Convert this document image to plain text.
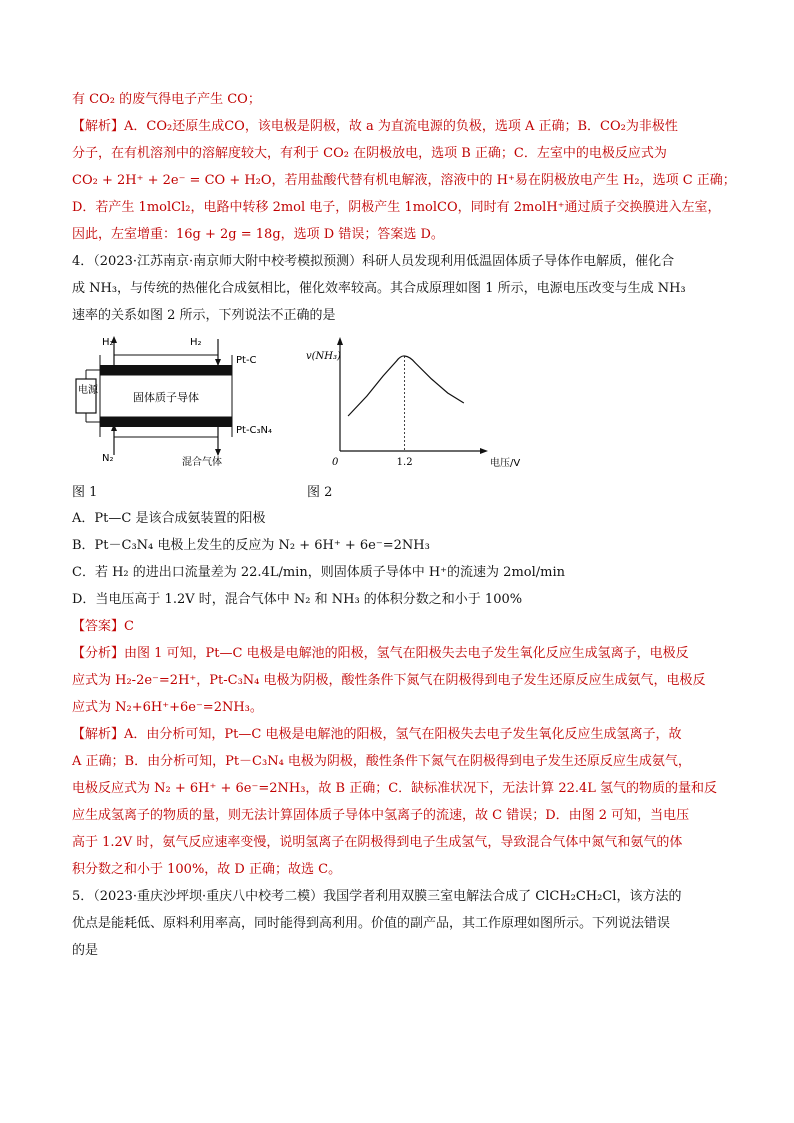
有 CO₂ 的废气得电子产生 CO；
【解析】A．CO₂还原生成CO，该电极是阴极，故 a 为直流电源的负极，选项 A 正确；B．CO₂为非极性
分子，在有机溶剂中的溶解度较大，有利于 CO₂ 在阴极放电，选项 B 正确；C．左室中的电极反应式为
CO₂ + 2H⁺ + 2e⁻ = CO + H₂O，若用盐酸代替有机电解液，溶液中的 H⁺易在阴极放电产生 H₂，选项 C 正确；
D．若产生 1molCl₂，电路中转移 2mol 电子，阴极产生 1molCO，同时有 2molH⁺通过质子交换膜进入左室，
因此，左室增重：16g + 2g = 18g，选项 D 错误；答案选 D。
4．（2023·江苏南京·南京师大附中校考模拟预测）科研人员发现利用低温固体质子导体作电解质，催化合
成 NH₃，与传统的热催化合成氨相比，催化效率较高。其合成原理如图 1 所示，电源电压改变与生成 NH₃
速率的关系如图 2 所示，下列说法不正确的是
固体质子导体
H₂	H₂
Pt-C
Pt-C₃N₄
N₂	混合气体
电源
v(NH₃)
电压/V
0	1.2
图 1	图 2
A．Pt—C 是该合成氨装置的阳极
B．Pt－C₃N₄ 电极上发生的反应为 N₂ + 6H⁺ + 6e⁻=2NH₃
C．若 H₂ 的进出口流量差为 22.4L/min，则固体质子导体中 H⁺的流速为 2mol/min
D．当电压高于 1.2V 时，混合气体中 N₂ 和 NH₃ 的体积分数之和小于 100%
【答案】C
【分析】由图 1 可知，Pt—C 电极是电解池的阳极，氢气在阳极失去电子发生氧化反应生成氢离子，电极反
应式为 H₂-2e⁻=2H⁺，Pt-C₃N₄ 电极为阴极，酸性条件下氮气在阴极得到电子发生还原反应生成氨气，电极反
应式为 N₂+6H⁺+6e⁻=2NH₃。
【解析】A．由分析可知，Pt—C 电极是电解池的阳极，氢气在阳极失去电子发生氧化反应生成氢离子，故
A 正确；B．由分析可知，Pt－C₃N₄ 电极为阴极，酸性条件下氮气在阴极得到电子发生还原反应生成氨气，
电极反应式为 N₂ + 6H⁺ + 6e⁻=2NH₃，故 B 正确；C．缺标准状况下，无法计算 22.4L 氢气的物质的量和反
应生成氢离子的物质的量，则无法计算固体质子导体中氢离子的流速，故 C 错误；D．由图 2 可知，当电压
高于 1.2V 时，氨气反应速率变慢，说明氢离子在阴极得到电子生成氢气，导致混合气体中氮气和氨气的体
积分数之和小于 100%，故 D 正确；故选 C。
5．（2023·重庆沙坪坝·重庆八中校考二模）我国学者利用双膜三室电解法合成了 ClCH₂CH₂Cl，该方法的
优点是能耗低、原料利用率高，同时能得到高利用。价值的副产品，其工作原理如图所示。下列说法错误
的是
